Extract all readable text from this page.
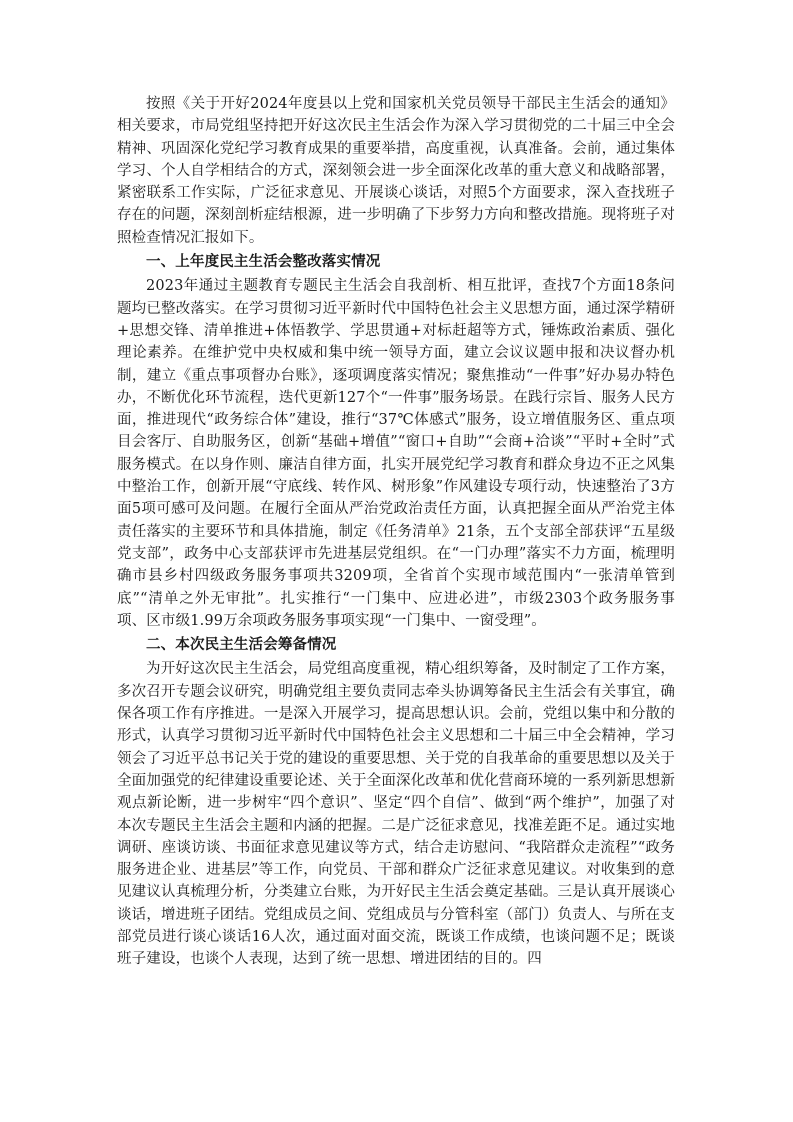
按照《关于开好2024年度县以上党和国家机关党员领导干部民主生活会的通知》相关要求，市局党组坚持把开好这次民主生活会作为深入学习贯彻党的二十届三中全会精神、巩固深化党纪学习教育成果的重要举措，高度重视，认真准备。会前，通过集体学习、个人自学相结合的方式，深刻领会进一步全面深化改革的重大意义和战略部署，紧密联系工作实际，广泛征求意见、开展谈心谈话，对照5个方面要求，深入查找班子存在的问题，深刻剖析症结根源，进一步明确了下步努力方向和整改措施。现将班子对照检查情况汇报如下。

一、上年度民主生活会整改落实情况

2023年通过主题教育专题民主生活会自我剖析、相互批评，查找7个方面18条问题均已整改落实。在学习贯彻习近平新时代中国特色社会主义思想方面，通过深学精研+思想交锋、清单推进+体悟教学、学思贯通+对标赶超等方式，锤炼政治素质、强化理论素养。在维护党中央权威和集中统一领导方面，建立会议议题申报和决议督办机制，建立《重点事项督办台账》，逐项调度落实情况；聚焦推动“一件事”好办易办特色办，不断优化环节流程，迭代更新127个“一件事”服务场景。在践行宗旨、服务人民方面，推进现代“政务综合体”建设，推行“37℃体感式”服务，设立增值服务区、重点项目会客厅、自助服务区，创新“基础+增值”“窗口+自助”“会商+洽谈”“平时+全时”式服务模式。在以身作则、廉洁自律方面，扎实开展党纪学习教育和群众身边不正之风集中整治工作，创新开展“守底线、转作风、树形象”作风建设专项行动，快速整治了3方面5项可感可及问题。在履行全面从严治党政治责任方面，认真把握全面从严治党主体责任落实的主要环节和具体措施，制定《任务清单》21条，五个支部全部获评“五星级党支部”，政务中心支部获评市先进基层党组织。在“一门办理”落实不力方面，梳理明确市县乡村四级政务服务事项共3209项，全省首个实现市域范围内“一张清单管到底”“清单之外无审批”。扎实推行“一门集中、应进必进”，市级2303个政务服务事项、区市级1.99万余项政务服务事项实现“一门集中、一窗受理”。

二、本次民主生活会筹备情况

为开好这次民主生活会，局党组高度重视，精心组织筹备，及时制定了工作方案，多次召开专题会议研究，明确党组主要负责同志牵头协调筹备民主生活会有关事宜，确保各项工作有序推进。一是深入开展学习，提高思想认识。会前，党组以集中和分散的形式，认真学习贯彻习近平新时代中国特色社会主义思想和二十届三中全会精神，学习领会了习近平总书记关于党的建设的重要思想、关于党的自我革命的重要思想以及关于全面加强党的纪律建设重要论述、关于全面深化改革和优化营商环境的一系列新思想新观点新论断，进一步树牢“四个意识”、坚定“四个自信”、做到“两个维护”，加强了对本次专题民主生活会主题和内涵的把握。二是广泛征求意见，找准差距不足。通过实地调研、座谈访谈、书面征求意见建议等方式，结合走访慰问、“我陪群众走流程”“政务服务进企业、进基层”等工作，向党员、干部和群众广泛征求意见建议。对收集到的意见建议认真梳理分析，分类建立台账，为开好民主生活会奠定基础。三是认真开展谈心谈话，增进班子团结。党组成员之间、党组成员与分管科室（部门）负责人、与所在支部党员进行谈心谈话16人次，通过面对面交流，既谈工作成绩，也谈问题不足；既谈班子建设，也谈个人表现，达到了统一思想、增进团结的目的。四
